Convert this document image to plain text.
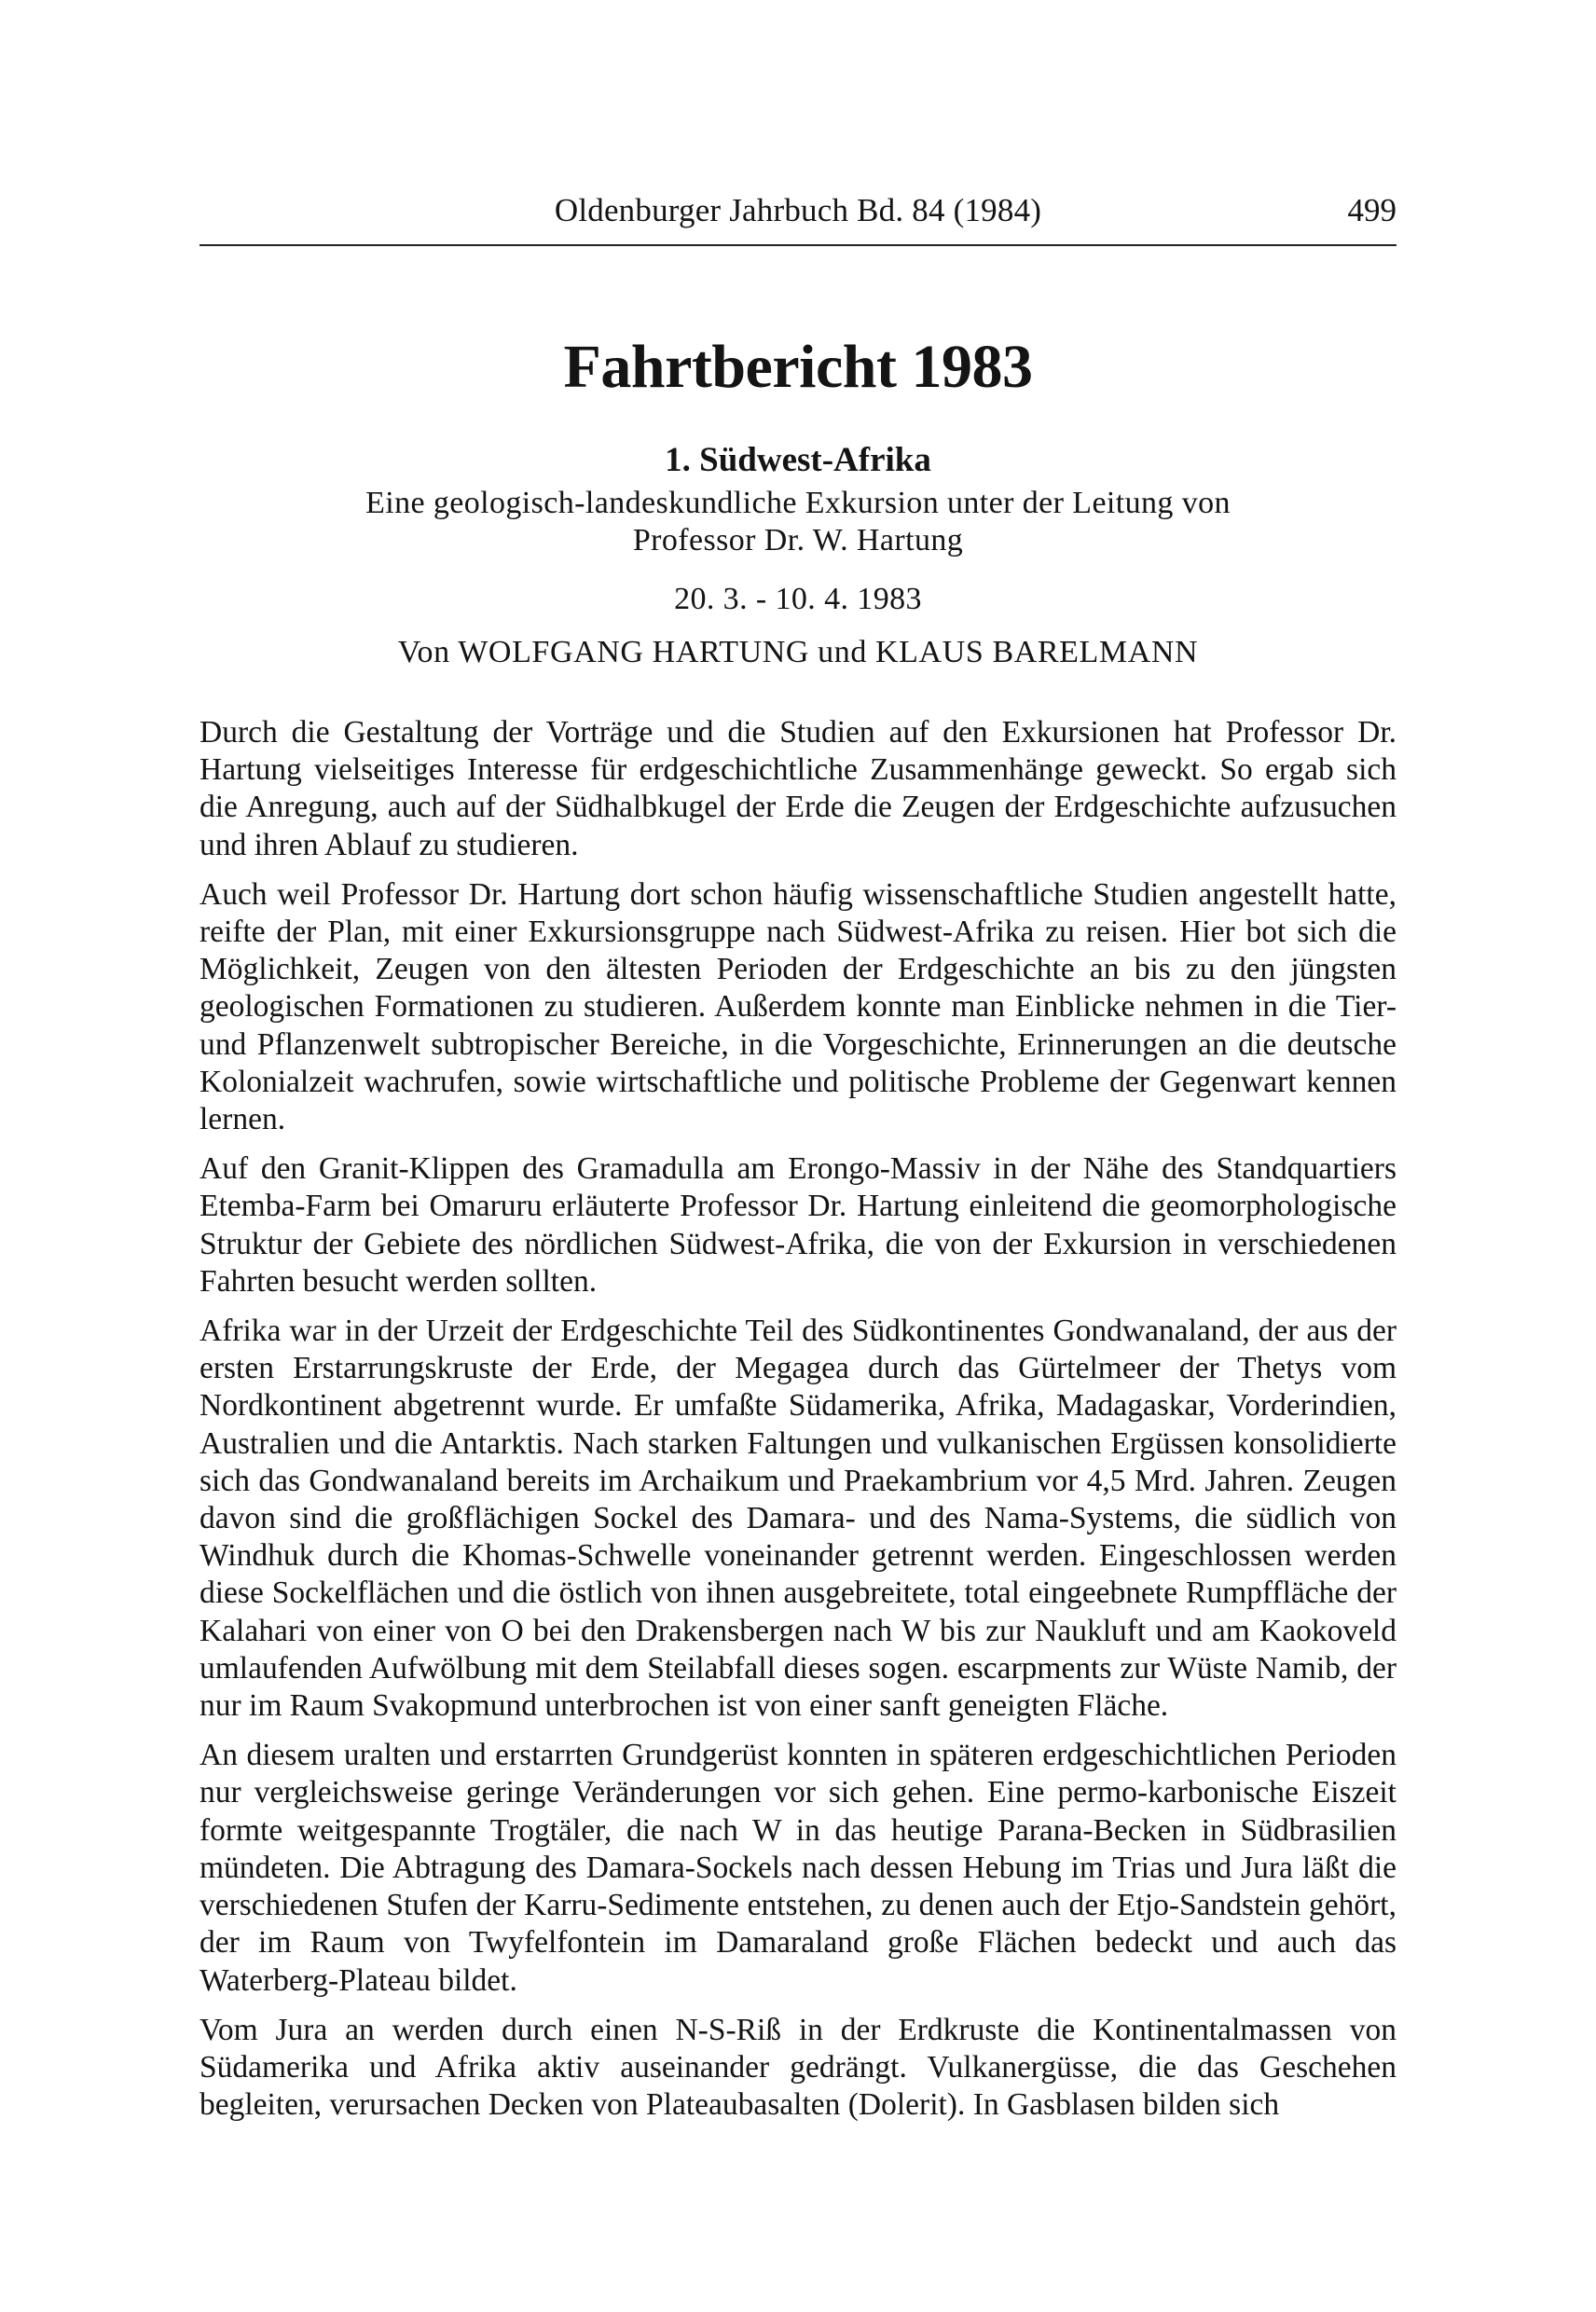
Oldenburger Jahrbuch Bd. 84 (1984)	499
Fahrtbericht 1983
1. Südwest-Afrika
Eine geologisch-landeskundliche Exkursion unter der Leitung von
Professor Dr. W. Hartung
20. 3. - 10. 4. 1983
Von WOLFGANG HARTUNG und KLAUS BARELMANN

Durch die Gestaltung der Vorträge und die Studien auf den Exkursionen hat Professor Dr. Hartung vielseitiges Interesse für erdgeschichtliche Zusammenhänge geweckt. So ergab sich die Anregung, auch auf der Südhalbkugel der Erde die Zeugen der Erdgeschichte aufzusuchen und ihren Ablauf zu studieren.

Auch weil Professor Dr. Hartung dort schon häufig wissenschaftliche Studien angestellt hatte, reifte der Plan, mit einer Exkursionsgruppe nach Südwest-Afrika zu reisen. Hier bot sich die Möglichkeit, Zeugen von den ältesten Perioden der Erdgeschichte an bis zu den jüngsten geologischen Formationen zu studieren. Außerdem konnte man Einblicke nehmen in die Tier- und Pflanzenwelt subtropischer Bereiche, in die Vorgeschichte, Erinnerungen an die deutsche Kolonialzeit wachrufen, sowie wirtschaftliche und politische Probleme der Gegenwart kennen lernen.

Auf den Granit-Klippen des Gramadulla am Erongo-Massiv in der Nähe des Standquartiers Etemba-Farm bei Omaruru erläuterte Professor Dr. Hartung einleitend die geomorphologische Struktur der Gebiete des nördlichen Südwest-Afrika, die von der Exkursion in verschiedenen Fahrten besucht werden sollten.

Afrika war in der Urzeit der Erdgeschichte Teil des Südkontinentes Gondwanaland, der aus der ersten Erstarrungskruste der Erde, der Megagea durch das Gürtelmeer der Thetys vom Nordkontinent abgetrennt wurde. Er umfaßte Südamerika, Afrika, Madagaskar, Vorderindien, Australien und die Antarktis. Nach starken Faltungen und vulkanischen Ergüssen konsolidierte sich das Gondwanaland bereits im Archaikum und Praekambrium vor 4,5 Mrd. Jahren. Zeugen davon sind die großflächigen Sockel des Damara- und des Nama-Systems, die südlich von Windhuk durch die Khomas-Schwelle voneinander getrennt werden. Eingeschlossen werden diese Sockelflächen und die östlich von ihnen ausgebreitete, total eingeebnete Rumpffläche der Kalahari von einer von O bei den Drakensbergen nach W bis zur Naukluft und am Kaokoveld umlaufenden Aufwölbung mit dem Steilabfall dieses sogen. escarpments zur Wüste Namib, der nur im Raum Svakopmund unterbrochen ist von einer sanft geneigten Fläche.

An diesem uralten und erstarrten Grundgerüst konnten in späteren erdgeschichtlichen Perioden nur vergleichsweise geringe Veränderungen vor sich gehen. Eine permo-karbonische Eiszeit formte weitgespannte Trogtäler, die nach W in das heutige Parana-Becken in Südbrasilien mündeten. Die Abtragung des Damara-Sockels nach dessen Hebung im Trias und Jura läßt die verschiedenen Stufen der Karru-Sedimente entstehen, zu denen auch der Etjo-Sandstein gehört, der im Raum von Twyfelfontein im Damaraland große Flächen bedeckt und auch das Waterberg-Plateau bildet.

Vom Jura an werden durch einen N-S-Riß in der Erdkruste die Kontinentalmassen von Südamerika und Afrika aktiv auseinander gedrängt. Vulkanergüsse, die das Geschehen begleiten, verursachen Decken von Plateaubasalten (Dolerit). In Gasblasen bilden sich
